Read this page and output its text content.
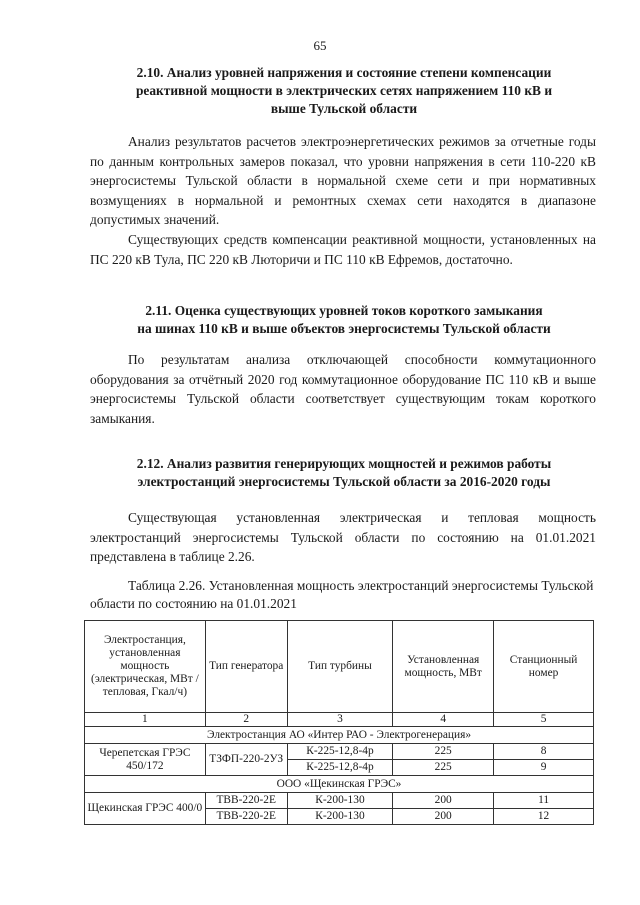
65
2.10. Анализ уровней напряжения и состояние степени компенсации
реактивной мощности в электрических сетях напряжением 110 кВ и
выше Тульской области

Анализ результатов расчетов электроэнергетических режимов за отчетные годы по данным контрольных замеров показал, что уровни напряжения в сети 110-220 кВ энергосистемы Тульской области в нормальной схеме сети и при нормативных возмущениях в нормальной и ремонтных схемах сети находятся в диапазоне допустимых значений.

Существующих средств компенсации реактивной мощности, установленных на ПС 220 кВ Тула, ПС 220 кВ Люторичи и ПС 110 кВ Ефремов, достаточно.

2.11. Оценка существующих уровней токов короткого замыкания
на шинах 110 кВ и выше объектов энергосистемы Тульской области

По результатам анализа отключающей способности коммутационного оборудования за отчётный 2020 год коммутационное оборудование ПС 110 кВ и выше энергосистемы Тульской области соответствует существующим токам короткого замыкания.

2.12. Анализ развития генерирующих мощностей и режимов работы
электростанций энергосистемы Тульской области за 2016-2020 годы

Существующая установленная электрическая и тепловая мощность электростанций энергосистемы Тульской области по состоянию на 01.01.2021 представлена в таблице 2.26.

Таблица 2.26. Установленная мощность электростанций энергосистемы Тульской области по состоянию на 01.01.2021

Электростанция, установленная мощность (электрическая, МВт / тепловая, Гкал/ч)	Тип генератора	Тип турбины	Установленная мощность, МВт	Станционный номер
1	2	3	4	5
Электростанция АО «Интер РАО - Электрогенерация»				
Черепетская ГРЭС 450/172	ТЗФП-220-2УЗ	К-225-12,8-4р	225	8
		К-225-12,8-4р	225	9
ООО «Щекинская ГРЭС»				
Щекинская ГРЭС 400/0	ТВВ-220-2Е	К-200-130	200	11
	ТВВ-220-2Е	К-200-130	200	12
